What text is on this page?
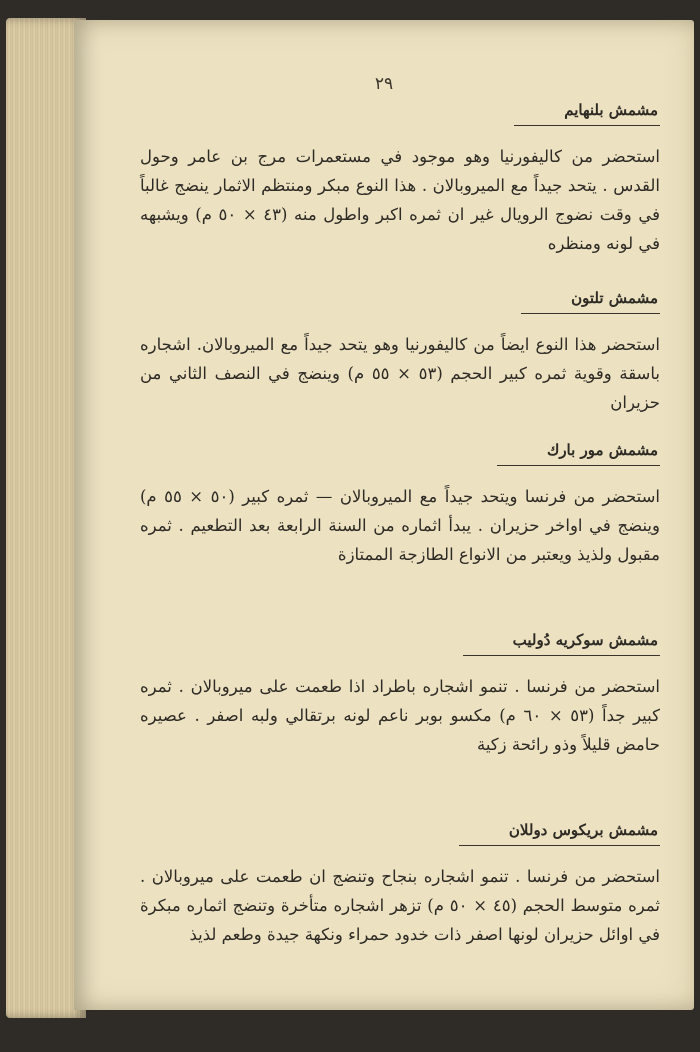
٢٩
مشمش بلنهايم
استحضر من كاليفورنيا وهو موجود في مستعمرات مرج بن عامر وحول القدس . يتحد جيداً مع الميروبالان . هذا النوع مبكر ومنتظم الاثمار ينضج غالباً في وقت نضوج الرويال غير ان ثمره اكبر واطول منه (٤٣ × ٥٠ م) ويشبهه في لونه ومنظره
مشمش تلتون
استحضر هذا النوع ايضاً من كاليفورنيا وهو يتحد جيداً مع الميروبالان. اشجاره باسقة وقوية ثمره كبير الحجم (٥٣ × ٥٥ م) وينضج في النصف الثاني من حزيران
مشمش مور بارك
استحضر من فرنسا ويتحد جيداً مع الميروبالان — ثمره كبير (٥٠ × ٥٥ م) وينضج في اواخر حزيران . يبدأ اثماره من السنة الرابعة بعد التطعيم . ثمره مقبول ولذيذ ويعتبر من الانواع الطازجة الممتازة
مشمش سوكريه دُوليب
استحضر من فرنسا . تنمو اشجاره باطراد اذا طعمت على ميروبالان . ثمره كبير جداً (٥٣ × ٦٠ م) مكسو بوبر ناعم لونه برتقالي ولبه اصفر . عصيره حامض قليلاً وذو رائحة زكية
مشمش بريكوس دوللان
استحضر من فرنسا . تنمو اشجاره بنجاح وتنضج ان طعمت على ميروبالان . ثمره متوسط الحجم (٤٥ × ٥٠ م) تزهر اشجاره متأخرة وتنضج اثماره مبكرة في اوائل حزيران لونها اصفر ذات خدود حمراء ونكهة جيدة وطعم لذيذ
